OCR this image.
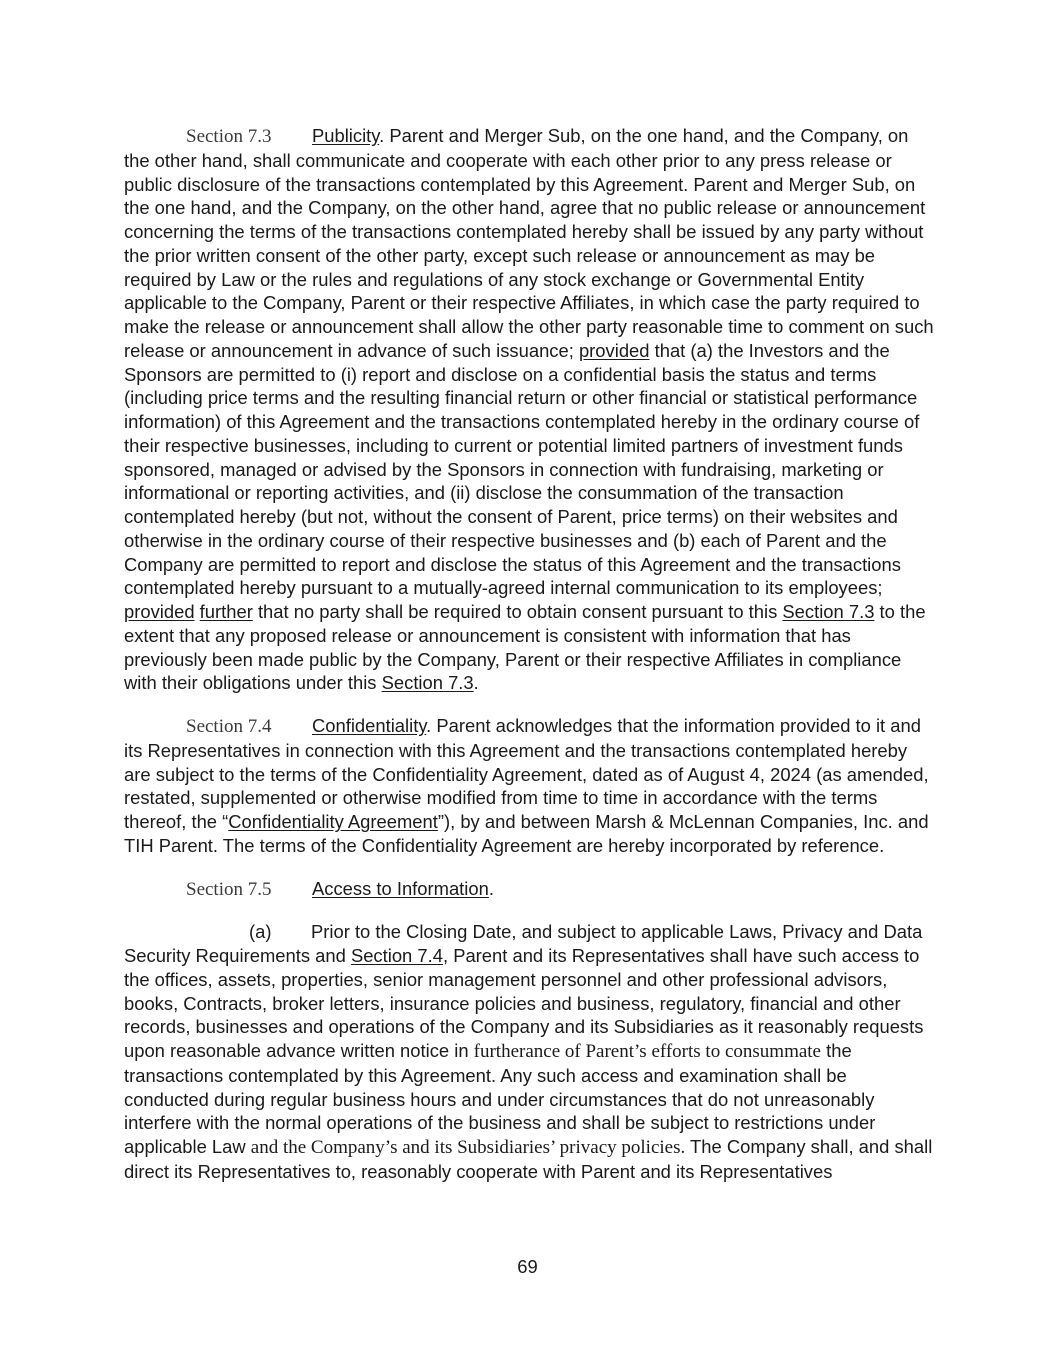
Section 7.3 Publicity. Parent and Merger Sub, on the one hand, and the Company, on the other hand, shall communicate and cooperate with each other prior to any press release or public disclosure of the transactions contemplated by this Agreement. Parent and Merger Sub, on the one hand, and the Company, on the other hand, agree that no public release or announcement concerning the terms of the transactions contemplated hereby shall be issued by any party without the prior written consent of the other party, except such release or announcement as may be required by Law or the rules and regulations of any stock exchange or Governmental Entity applicable to the Company, Parent or their respective Affiliates, in which case the party required to make the release or announcement shall allow the other party reasonable time to comment on such release or announcement in advance of such issuance; provided that (a) the Investors and the Sponsors are permitted to (i) report and disclose on a confidential basis the status and terms (including price terms and the resulting financial return or other financial or statistical performance information) of this Agreement and the transactions contemplated hereby in the ordinary course of their respective businesses, including to current or potential limited partners of investment funds sponsored, managed or advised by the Sponsors in connection with fundraising, marketing or informational or reporting activities, and (ii) disclose the consummation of the transaction contemplated hereby (but not, without the consent of Parent, price terms) on their websites and otherwise in the ordinary course of their respective businesses and (b) each of Parent and the Company are permitted to report and disclose the status of this Agreement and the transactions contemplated hereby pursuant to a mutually-agreed internal communication to its employees; provided further that no party shall be required to obtain consent pursuant to this Section 7.3 to the extent that any proposed release or announcement is consistent with information that has previously been made public by the Company, Parent or their respective Affiliates in compliance with their obligations under this Section 7.3.

Section 7.4 Confidentiality. Parent acknowledges that the information provided to it and its Representatives in connection with this Agreement and the transactions contemplated hereby are subject to the terms of the Confidentiality Agreement, dated as of August 4, 2024 (as amended, restated, supplemented or otherwise modified from time to time in accordance with the terms thereof, the “Confidentiality Agreement”), by and between Marsh & McLennan Companies, Inc. and TIH Parent. The terms of the Confidentiality Agreement are hereby incorporated by reference.

Section 7.5 Access to Information.

(a) Prior to the Closing Date, and subject to applicable Laws, Privacy and Data Security Requirements and Section 7.4, Parent and its Representatives shall have such access to the offices, assets, properties, senior management personnel and other professional advisors, books, Contracts, broker letters, insurance policies and business, regulatory, financial and other records, businesses and operations of the Company and its Subsidiaries as it reasonably requests upon reasonable advance written notice in furtherance of Parent’s efforts to consummate the transactions contemplated by this Agreement. Any such access and examination shall be conducted during regular business hours and under circumstances that do not unreasonably interfere with the normal operations of the business and shall be subject to restrictions under applicable Law and the Company’s and its Subsidiaries’ privacy policies. The Company shall, and shall direct its Representatives to, reasonably cooperate with Parent and its Representatives

69
